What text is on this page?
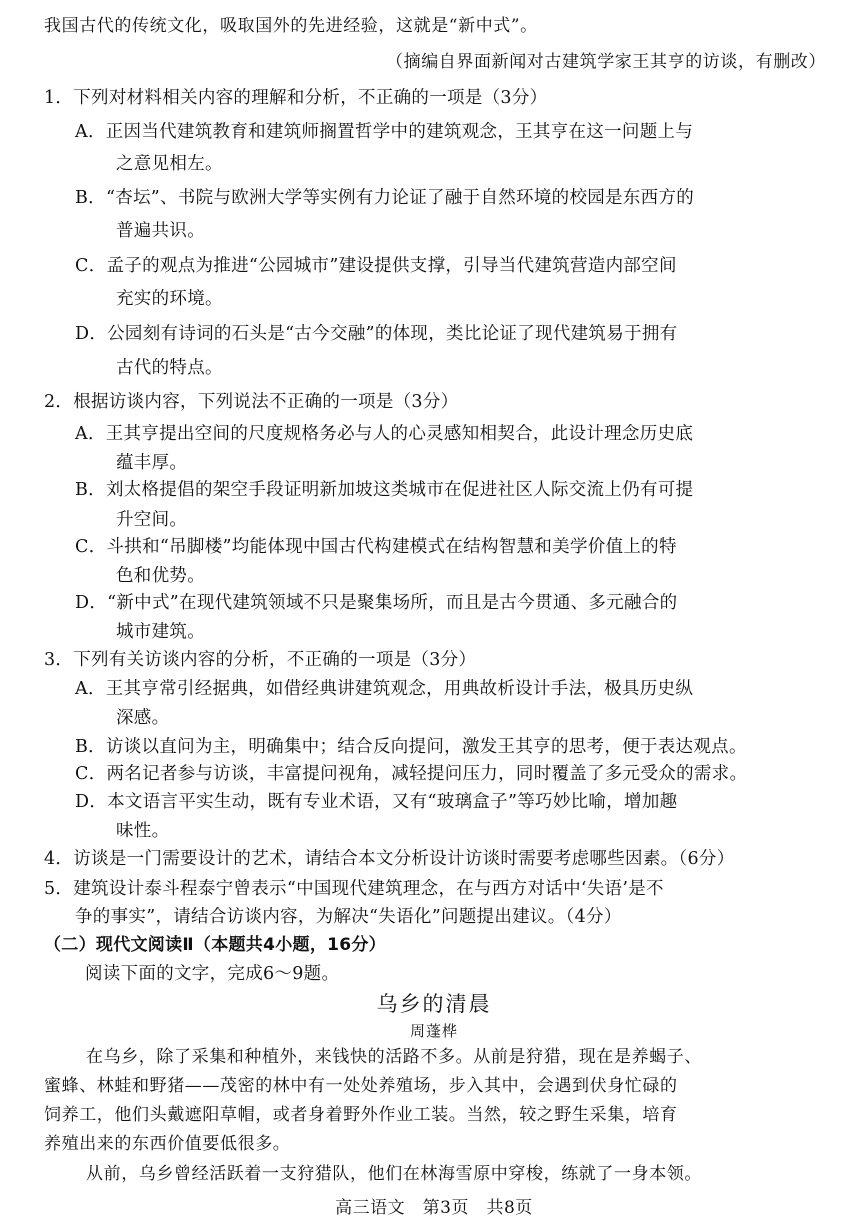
我国古代的传统文化，吸取国外的先进经验，这就是“新中式”。
（摘编自界面新闻对古建筑学家王其亨的访谈，有删改）
1．下列对材料相关内容的理解和分析，不正确的一项是（3分）
A．正因当代建筑教育和建筑师搁置哲学中的建筑观念，王其亨在这一问题上与
之意见相左。
B．“杏坛”、书院与欧洲大学等实例有力论证了融于自然环境的校园是东西方的
普遍共识。
C．孟子的观点为推进“公园城市”建设提供支撑，引导当代建筑营造内部空间
充实的环境。
D．公园刻有诗词的石头是“古今交融”的体现，类比论证了现代建筑易于拥有
古代的特点。
2．根据访谈内容，下列说法不正确的一项是（3分）
A．王其亨提出空间的尺度规格务必与人的心灵感知相契合，此设计理念历史底
蕴丰厚。
B．刘太格提倡的架空手段证明新加坡这类城市在促进社区人际交流上仍有可提
升空间。
C．斗拱和“吊脚楼”均能体现中国古代构建模式在结构智慧和美学价值上的特
色和优势。
D．“新中式”在现代建筑领域不只是聚集场所，而且是古今贯通、多元融合的
城市建筑。
3．下列有关访谈内容的分析，不正确的一项是（3分）
A．王其亨常引经据典，如借经典讲建筑观念，用典故析设计手法，极具历史纵
深感。
B．访谈以直问为主，明确集中；结合反向提问，激发王其亨的思考，便于表达观点。
C．两名记者参与访谈，丰富提问视角，减轻提问压力，同时覆盖了多元受众的需求。
D．本文语言平实生动，既有专业术语，又有“玻璃盒子”等巧妙比喻，增加趣
味性。
4．访谈是一门需要设计的艺术，请结合本文分析设计访谈时需要考虑哪些因素。（6分）
5．建筑设计泰斗程泰宁曾表示“中国现代建筑理念，在与西方对话中‘失语’是不
争的事实”，请结合访谈内容，为解决“失语化”问题提出建议。（4分）
（二）现代文阅读Ⅱ（本题共4小题，16分）
阅读下面的文字，完成6～9题。
乌乡的清晨
周蓬桦
在乌乡，除了采集和种植外，来钱快的活路不多。从前是狩猎，现在是养蝎子、
蜜蜂、林蛙和野猪——茂密的林中有一处处养殖场，步入其中，会遇到伏身忙碌的
饲养工，他们头戴遮阳草帽，或者身着野外作业工装。当然，较之野生采集，培育
养殖出来的东西价值要低很多。
从前，乌乡曾经活跃着一支狩猎队，他们在林海雪原中穿梭，练就了一身本领。
高三语文　第3页　共8页
